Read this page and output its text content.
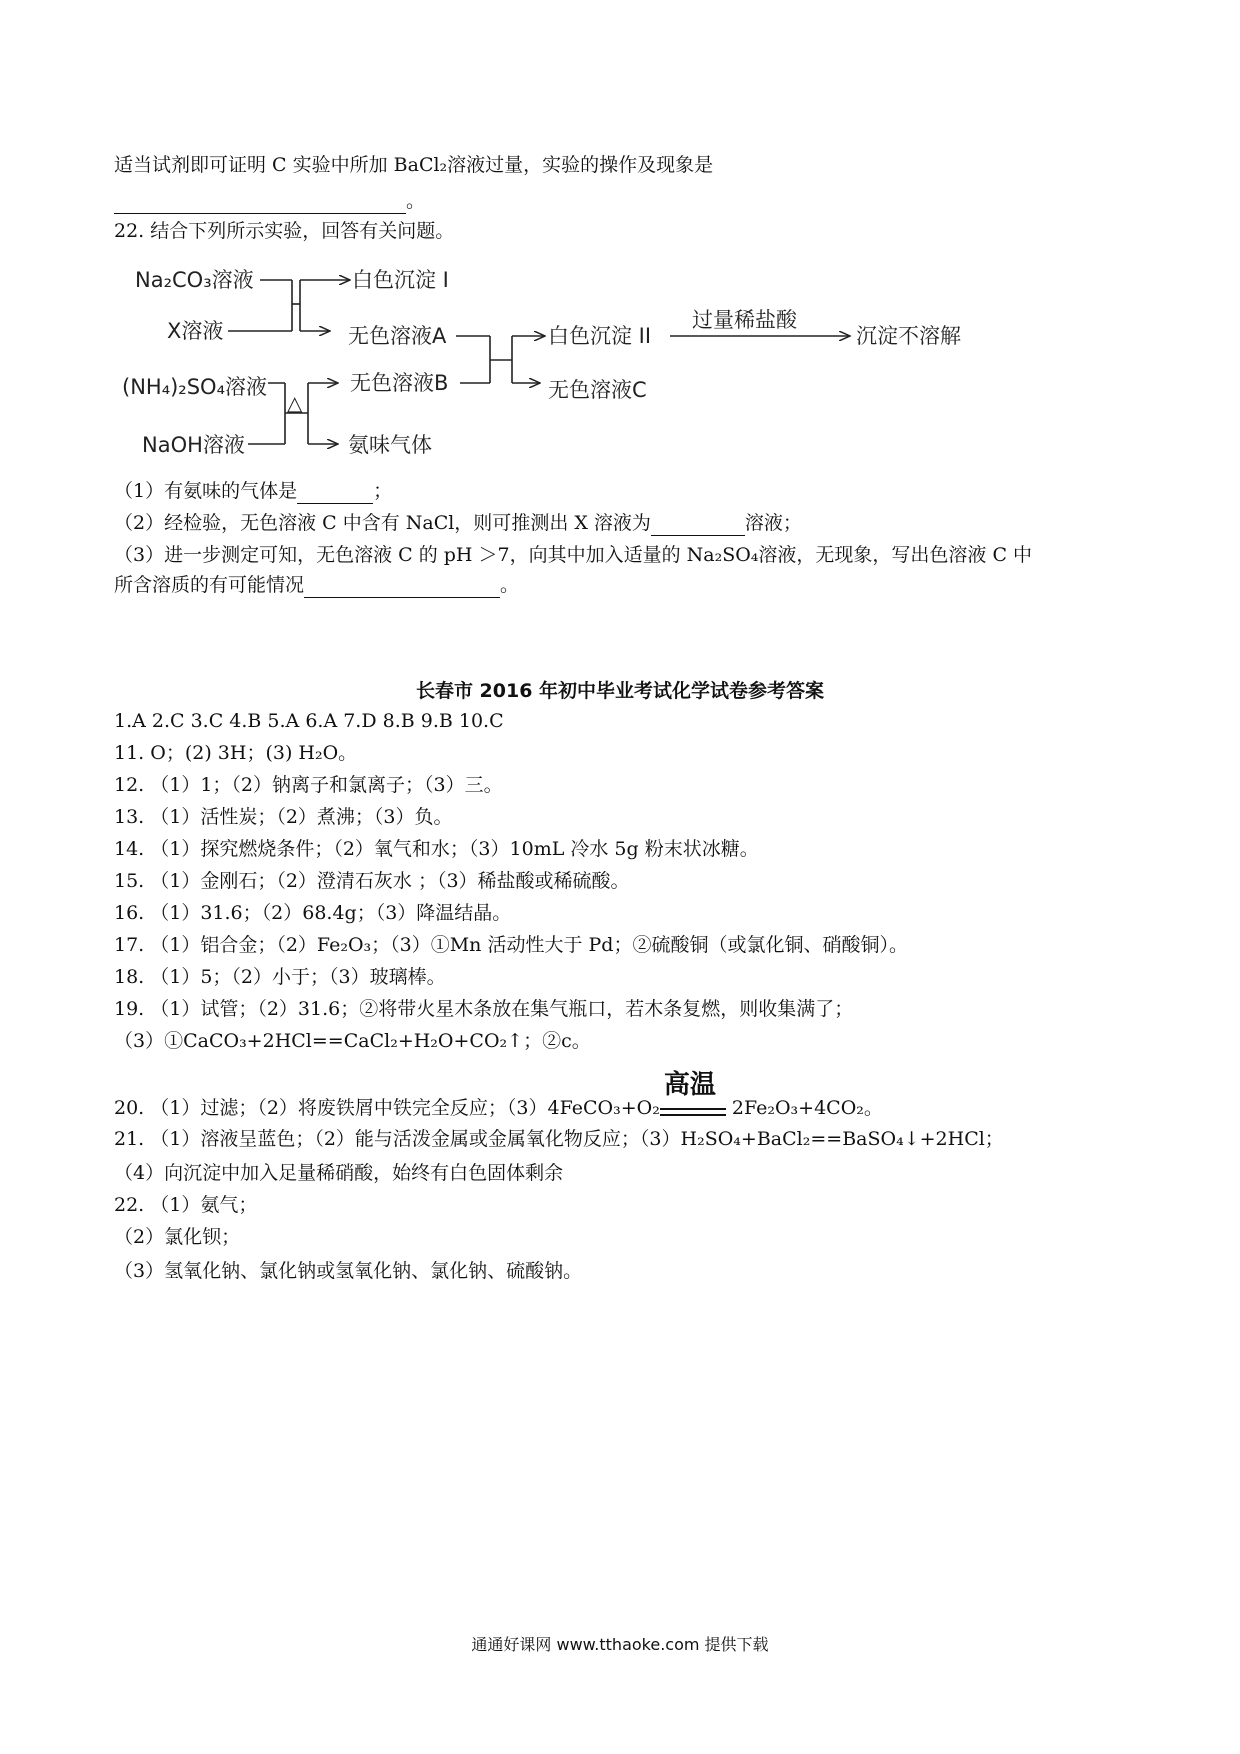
适当试剂即可证明 C 实验中所加 BaCl₂溶液过量，实验的操作及现象是
。
22. 结合下列所示实验，回答有关问题。
Na₂CO₃溶液
X溶液
白色沉淀 I
无色溶液A	白色沉淀 II
过量稀盐酸
沉淀不溶解
无色溶液C
(NH₄)₂SO₄溶液
NaOH溶液
△
无色溶液B
氨味气体
（1）有氨味的气体是	；
（2）经检验，无色溶液 C 中含有 NaCl，则可推测出 X 溶液为	溶液；
（3）进一步测定可知，无色溶液 C 的 pH ＞7，向其中加入适量的 Na₂SO₄溶液，无现象，写出色溶液 C 中
所含溶质的有可能情况	。
长春市 2016 年初中毕业考试化学试卷参考答案
1.A 2.C 3.C 4.B 5.A 6.A 7.D 8.B 9.B 10.C
11. O；(2) 3H；(3) H₂O。
12. （1）1；（2）钠离子和氯离子；（3）三。
13. （1）活性炭；（2）煮沸；（3）负。
14. （1）探究燃烧条件；（2）氧气和水；（3）10mL 冷水 5g 粉末状冰糖。
15. （1）金刚石；（2）澄清石灰水 ；（3）稀盐酸或稀硫酸。
16. （1）31.6；（2）68.4g；（3）降温结晶。
17. （1）铝合金；（2）Fe₂O₃；（3）①Mn 活动性大于 Pd；②硫酸铜（或氯化铜、硝酸铜）。
18. （1）5；（2）小于；（3）玻璃棒。
19. （1）试管；（2）31.6；②将带火星木条放在集气瓶口，若木条复燃，则收集满了；
（3）①CaCO₃+2HCl==CaCl₂+H₂O+CO₂↑；②c。
20. （1）过滤；（2）将废铁屑中铁完全反应；（3）4FeCO₃+O₂
高温
2Fe₂O₃+4CO₂。
21. （1）溶液呈蓝色；（2）能与活泼金属或金属氧化物反应；（3）H₂SO₄+BaCl₂==BaSO₄↓+2HCl；
（4）向沉淀中加入足量稀硝酸，始终有白色固体剩余
22. （1）氨气；
（2）氯化钡；
（3）氢氧化钠、氯化钠或氢氧化钠、氯化钠、硫酸钠。
通通好课网 www.tthaoke.com 提供下载
